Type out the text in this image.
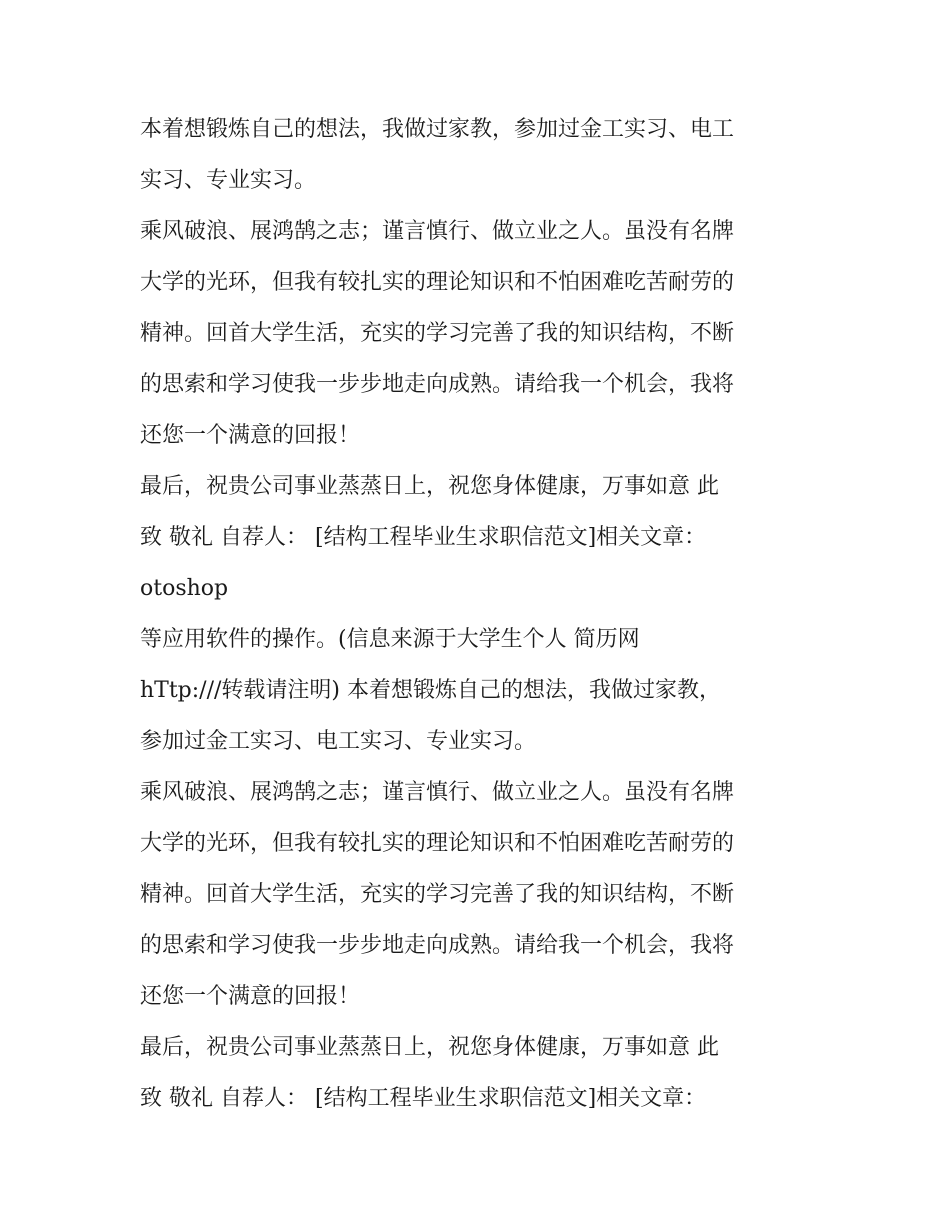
本着想锻炼自己的想法，我做过家教，参加过金工实习、电工
实习、专业实习。
乘风破浪、展鸿鹄之志；谨言慎行、做立业之人。虽没有名牌
大学的光环，但我有较扎实的理论知识和不怕困难吃苦耐劳的
精神。回首大学生活，充实的学习完善了我的知识结构，不断
的思索和学习使我一步步地走向成熟。请给我一个机会，我将
还您一个满意的回报！
最后，祝贵公司事业蒸蒸日上，祝您身体健康，万事如意 此
致 敬礼 自荐人： [结构工程毕业生求职信范文]相关文章：
otoshop
等应用软件的操作。(信息来源于大学生个人 简历网
hTtp:///转载请注明) 本着想锻炼自己的想法，我做过家教，
参加过金工实习、电工实习、专业实习。
乘风破浪、展鸿鹄之志；谨言慎行、做立业之人。虽没有名牌
大学的光环，但我有较扎实的理论知识和不怕困难吃苦耐劳的
精神。回首大学生活，充实的学习完善了我的知识结构，不断
的思索和学习使我一步步地走向成熟。请给我一个机会，我将
还您一个满意的回报！
最后，祝贵公司事业蒸蒸日上，祝您身体健康，万事如意 此
致 敬礼 自荐人： [结构工程毕业生求职信范文]相关文章：
